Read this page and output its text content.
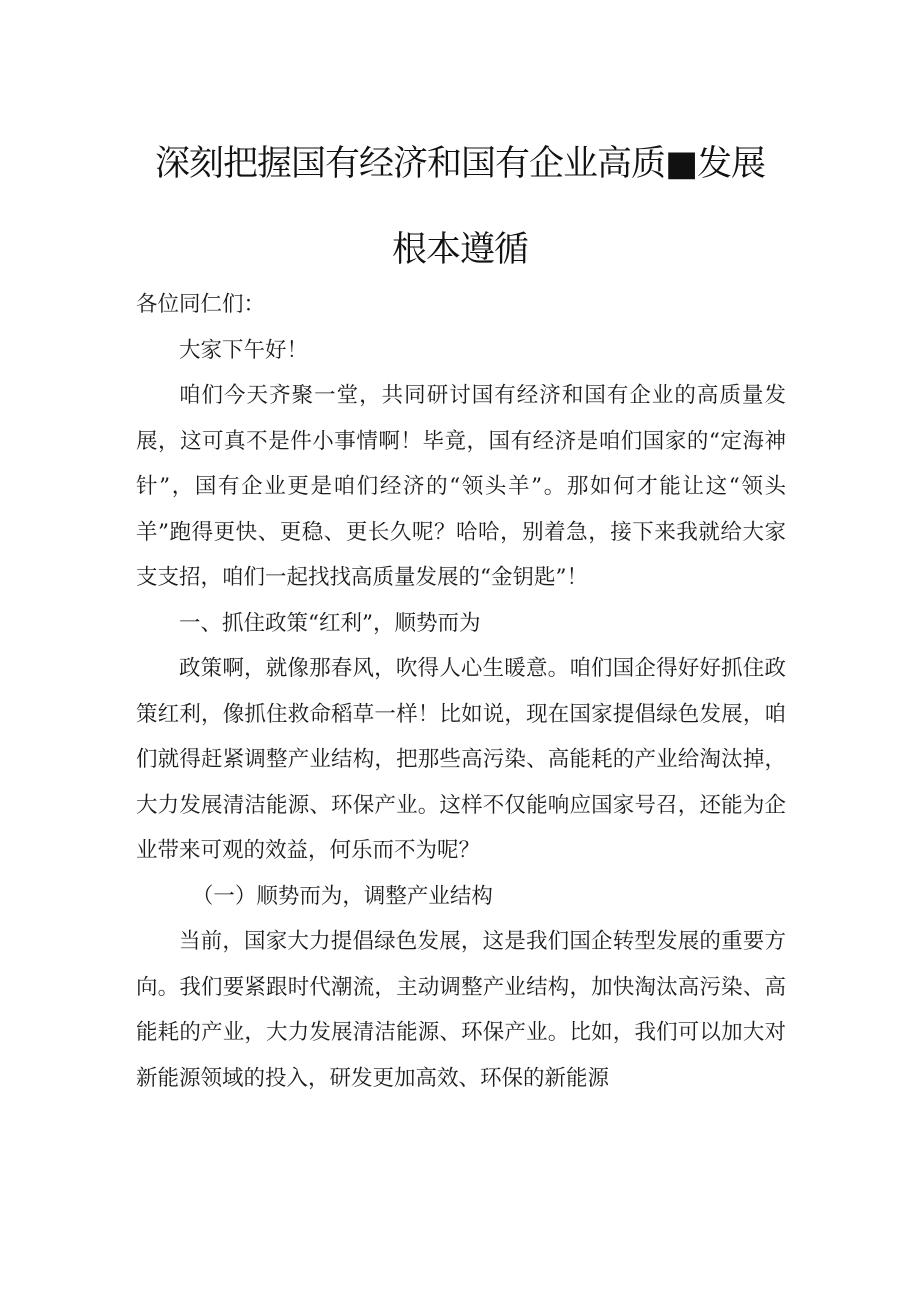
深刻把握国有经济和国有企业高质■发展
根本遵循

各位同仁们：

大家下午好！

咱们今天齐聚一堂，共同研讨国有经济和国有企业的高质量发展，这可真不是件小事情啊！毕竟，国有经济是咱们国家的“定海神针”，国有企业更是咱们经济的“领头羊”。那如何才能让这“领头羊”跑得更快、更稳、更长久呢？哈哈，别着急，接下来我就给大家支支招，咱们一起找找高质量发展的“金钥匙”！

一、抓住政策“红利”，顺势而为

政策啊，就像那春风，吹得人心生暖意。咱们国企得好好抓住政策红利，像抓住救命稻草一样！比如说，现在国家提倡绿色发展，咱们就得赶紧调整产业结构，把那些高污染、高能耗的产业给淘汰掉，大力发展清洁能源、环保产业。这样不仅能响应国家号召，还能为企业带来可观的效益，何乐而不为呢？

（一）顺势而为，调整产业结构

当前，国家大力提倡绿色发展，这是我们国企转型发展的重要方向。我们要紧跟时代潮流，主动调整产业结构，加快淘汰高污染、高能耗的产业，大力发展清洁能源、环保产业。比如，我们可以加大对新能源领域的投入，研发更加高效、环保的新能源
